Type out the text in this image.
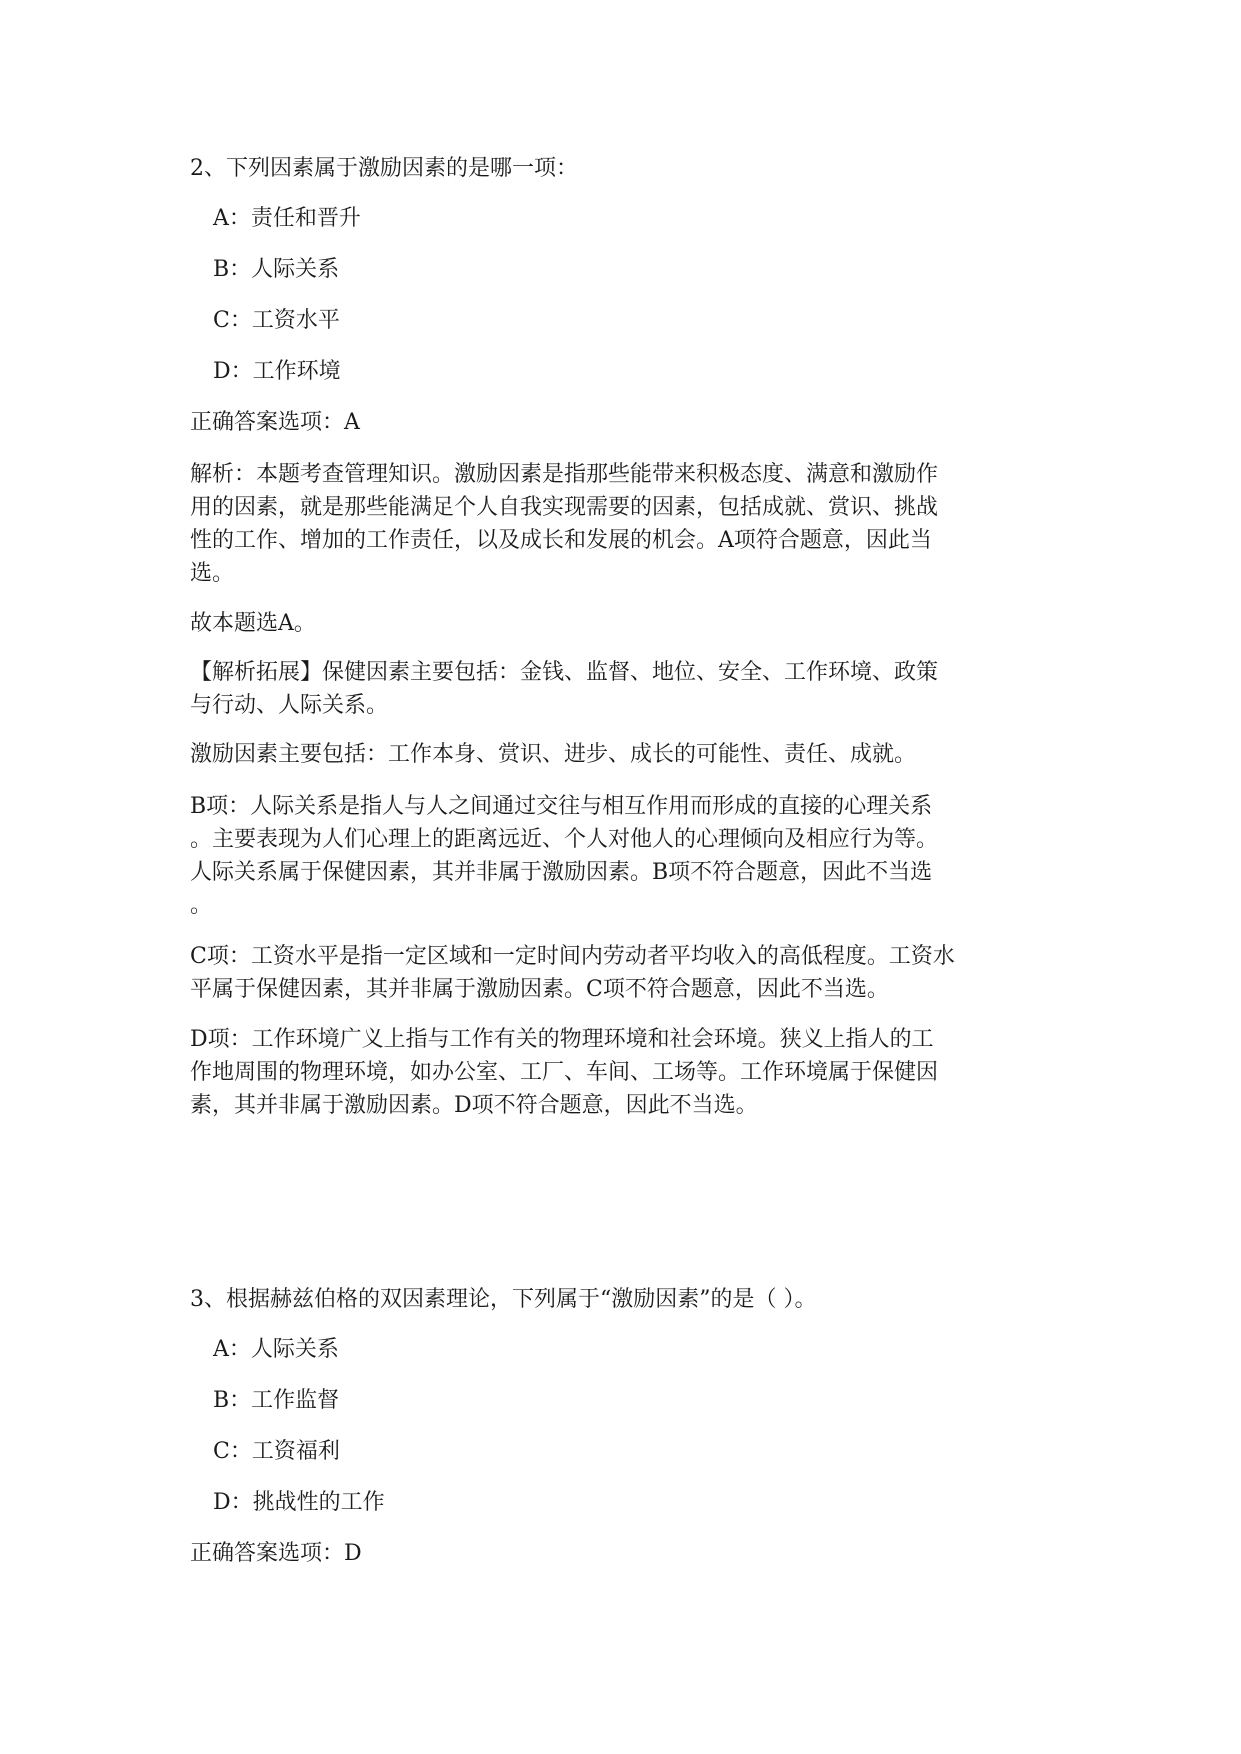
2、下列因素属于激励因素的是哪一项：
A：责任和晋升
B：人际关系
C：工资水平
D：工作环境
正确答案选项：A
解析：本题考查管理知识。激励因素是指那些能带来积极态度、满意和激励作
用的因素，就是那些能满足个人自我实现需要的因素，包括成就、赏识、挑战
性的工作、增加的工作责任，以及成长和发展的机会。A项符合题意，因此当
选。
故本题选A。
【解析拓展】保健因素主要包括：金钱、监督、地位、安全、工作环境、政策
与行动、人际关系。
激励因素主要包括：工作本身、赏识、进步、成长的可能性、责任、成就。
B项：人际关系是指人与人之间通过交往与相互作用而形成的直接的心理关系
。主要表现为人们心理上的距离远近、个人对他人的心理倾向及相应行为等。
人际关系属于保健因素，其并非属于激励因素。B项不符合题意，因此不当选
。
C项：工资水平是指一定区域和一定时间内劳动者平均收入的高低程度。工资水
平属于保健因素，其并非属于激励因素。C项不符合题意，因此不当选。
D项：工作环境广义上指与工作有关的物理环境和社会环境。狭义上指人的工
作地周围的物理环境，如办公室、工厂、车间、工场等。工作环境属于保健因
素，其并非属于激励因素。D项不符合题意，因此不当选。
3、根据赫兹伯格的双因素理论，下列属于“激励因素”的是（ ）。
A：人际关系
B：工作监督
C：工资福利
D：挑战性的工作
正确答案选项：D
